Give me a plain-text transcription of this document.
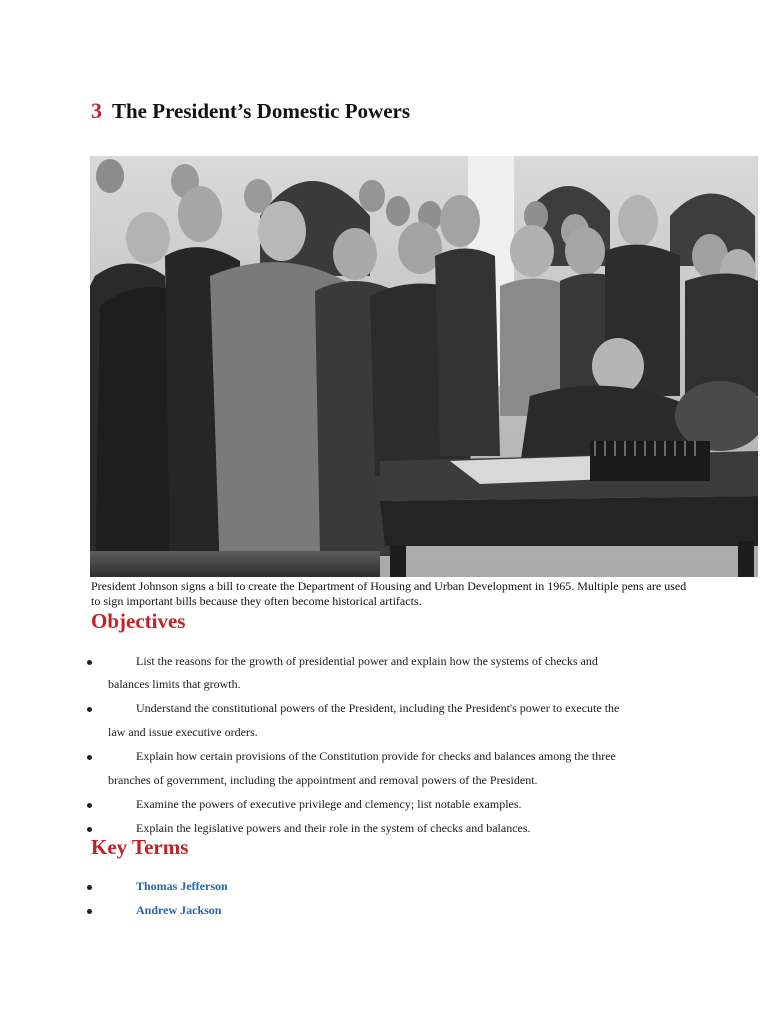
3 The President’s Domestic Powers
President Johnson signs a bill to create the Department of Housing and Urban Development in 1965. Multiple pens are used to sign important bills because they often become historical artifacts.
Objectives
List the reasons for the growth of presidential power and explain how the systems of checks and
balances limits that growth.
Understand the constitutional powers of the President, including the President's power to execute the
law and issue executive orders.
Explain how certain provisions of the Constitution provide for checks and balances among the three
branches of government, including the appointment and removal powers of the President.
Examine the powers of executive privilege and clemency; list notable examples.
Explain the legislative powers and their role in the system of checks and balances.
Key Terms
Thomas Jefferson
Andrew Jackson
